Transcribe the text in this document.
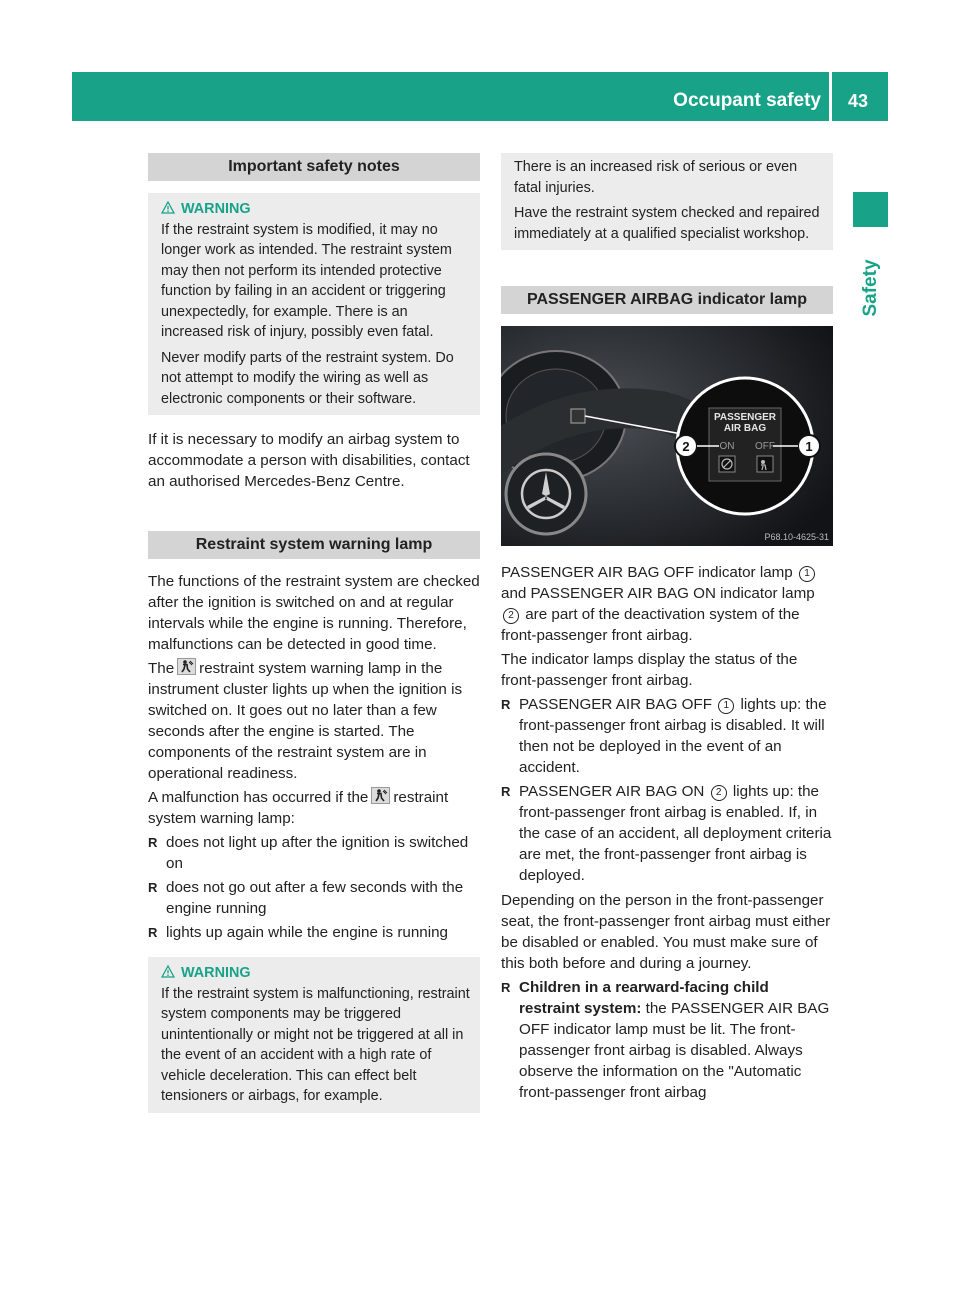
Occupant safety	43
Safety
Important safety notes
WARNING

If the restraint system is modified, it may no longer work as intended. The restraint system may then not perform its intended protective function by failing in an accident or triggering unexpectedly, for example. There is an increased risk of injury, possibly even fatal.

Never modify parts of the restraint system. Do not attempt to modify the wiring as well as electronic components or their software.

If it is necessary to modify an airbag system to accommodate a person with disabilities, contact an authorised Mercedes-Benz Centre.

Restraint system warning lamp

The functions of the restraint system are checked after the ignition is switched on and at regular intervals while the engine is running. Therefore, malfunctions can be detected in good time.

The restraint system warning lamp in the instrument cluster lights up when the ignition is switched on. It goes out no later than a few seconds after the engine is started. The components of the restraint system are in operational readiness.

A malfunction has occurred if the restraint system warning lamp:

R does not light up after the ignition is switched on
R does not go out after a few seconds with the engine running
R lights up again while the engine is running
WARNING

If the restraint system is malfunctioning, restraint system components may be triggered unintentionally or might not be triggered at all in the event of an accident with a high rate of vehicle deceleration. This can effect belt tensioners or airbags, for example.

There is an increased risk of serious or even fatal injuries.

Have the restraint system checked and repaired immediately at a qualified specialist workshop.

PASSENGER AIRBAG indicator lamp
PASSENGER
AIR BAG
ON OFF
2	1
P68.10-4625-31

PASSENGER AIR BAG OFF indicator lamp 1 and PASSENGER AIR BAG ON indicator lamp 2 are part of the deactivation system of the front-passenger front airbag.

The indicator lamps display the status of the front-passenger front airbag.

R PASSENGER AIR BAG OFF 1 lights up: the front-passenger front airbag is disabled. It will then not be deployed in the event of an accident.
R PASSENGER AIR BAG ON 2 lights up: the front-passenger front airbag is enabled. If, in the case of an accident, all deployment criteria are met, the front-passenger front airbag is deployed.

Depending on the person in the front-passenger seat, the front-passenger front airbag must either be disabled or enabled. You must make sure of this both before and during a journey.

R Children in a rearward-facing child restraint system: the PASSENGER AIR BAG OFF indicator lamp must be lit. The front-passenger front airbag is disabled. Always observe the information on the "Automatic front-passenger front airbag
